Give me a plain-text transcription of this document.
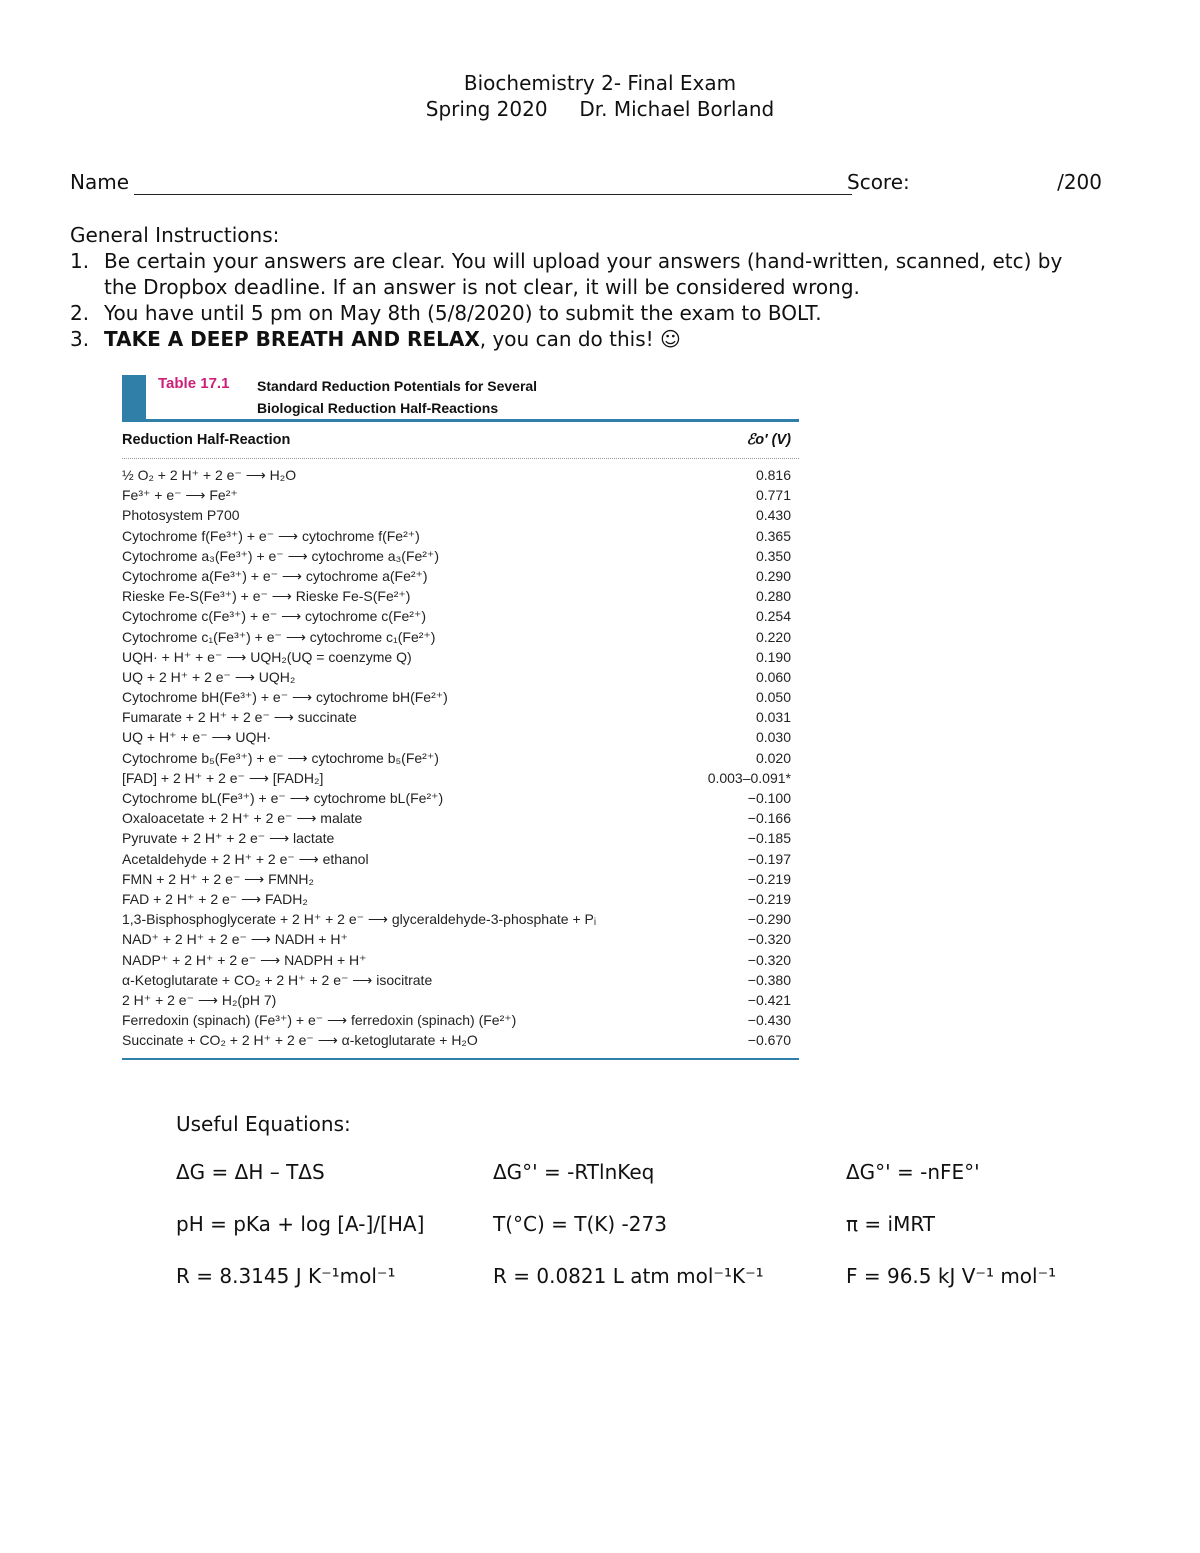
Biochemistry 2- Final Exam
Spring 2020     Dr. Michael Borland
Name	Score:	/200
General Instructions:
1. Be certain your answers are clear. You will upload your answers (hand-written, scanned, etc) by the Dropbox deadline. If an answer is not clear, it will be considered wrong.
2. You have until 5 pm on May 8th (5/8/2020) to submit the exam to BOLT.
3. TAKE A DEEP BREATH AND RELAX, you can do this! ☺
Table 17.1 Standard Reduction Potentials for Several
Biological Reduction Half-Reactions
Reduction Half-Reaction	ℰo′ (V)
½ O₂ + 2 H⁺ + 2 e⁻ ⟶ H₂O	0.816
Fe³⁺ + e⁻ ⟶ Fe²⁺	0.771
Photosystem P700	0.430
Cytochrome f(Fe³⁺) + e⁻ ⟶ cytochrome f(Fe²⁺)	0.365
Cytochrome a₃(Fe³⁺) + e⁻ ⟶ cytochrome a₃(Fe²⁺)	0.350
Cytochrome a(Fe³⁺) + e⁻ ⟶ cytochrome a(Fe²⁺)	0.290
Rieske Fe-S(Fe³⁺) + e⁻ ⟶ Rieske Fe-S(Fe²⁺)	0.280
Cytochrome c(Fe³⁺) + e⁻ ⟶ cytochrome c(Fe²⁺)	0.254
Cytochrome c₁(Fe³⁺) + e⁻ ⟶ cytochrome c₁(Fe²⁺)	0.220
UQH· + H⁺ + e⁻ ⟶ UQH₂(UQ = coenzyme Q)	0.190
UQ + 2 H⁺ + 2 e⁻ ⟶ UQH₂	0.060
Cytochrome bH(Fe³⁺) + e⁻ ⟶ cytochrome bH(Fe²⁺)	0.050
Fumarate + 2 H⁺ + 2 e⁻ ⟶ succinate	0.031
UQ + H⁺ + e⁻ ⟶ UQH·	0.030
Cytochrome b₅(Fe³⁺) + e⁻ ⟶ cytochrome b₅(Fe²⁺)	0.020
[FAD] + 2 H⁺ + 2 e⁻ ⟶ [FADH₂]	0.003–0.091*
Cytochrome bL(Fe³⁺) + e⁻ ⟶ cytochrome bL(Fe²⁺)	−0.100
Oxaloacetate + 2 H⁺ + 2 e⁻ ⟶ malate	−0.166
Pyruvate + 2 H⁺ + 2 e⁻ ⟶ lactate	−0.185
Acetaldehyde + 2 H⁺ + 2 e⁻ ⟶ ethanol	−0.197
FMN + 2 H⁺ + 2 e⁻ ⟶ FMNH₂	−0.219
FAD + 2 H⁺ + 2 e⁻ ⟶ FADH₂	−0.219
1,3-Bisphosphoglycerate + 2 H⁺ + 2 e⁻ ⟶ glyceraldehyde-3-phosphate + Pᵢ	−0.290
NAD⁺ + 2 H⁺ + 2 e⁻ ⟶ NADH + H⁺	−0.320
NADP⁺ + 2 H⁺ + 2 e⁻ ⟶ NADPH + H⁺	−0.320
α-Ketoglutarate + CO₂ + 2 H⁺ + 2 e⁻ ⟶ isocitrate	−0.380
2 H⁺ + 2 e⁻ ⟶ H₂(pH 7)	−0.421
Ferredoxin (spinach) (Fe³⁺) + e⁻ ⟶ ferredoxin (spinach) (Fe²⁺)	−0.430
Succinate + CO₂ + 2 H⁺ + 2 e⁻ ⟶ α-ketoglutarate + H₂O	−0.670
Useful Equations:
ΔG = ΔH – TΔS	ΔG°' = -RTlnKeq	ΔG°' = -nFE°'
pH = pKa + log [A-]/[HA]	T(°C) = T(K) -273	π = iMRT
R = 8.3145 J K⁻¹mol⁻¹	R = 0.0821 L atm mol⁻¹K⁻¹	F = 96.5 kJ V⁻¹ mol⁻¹
